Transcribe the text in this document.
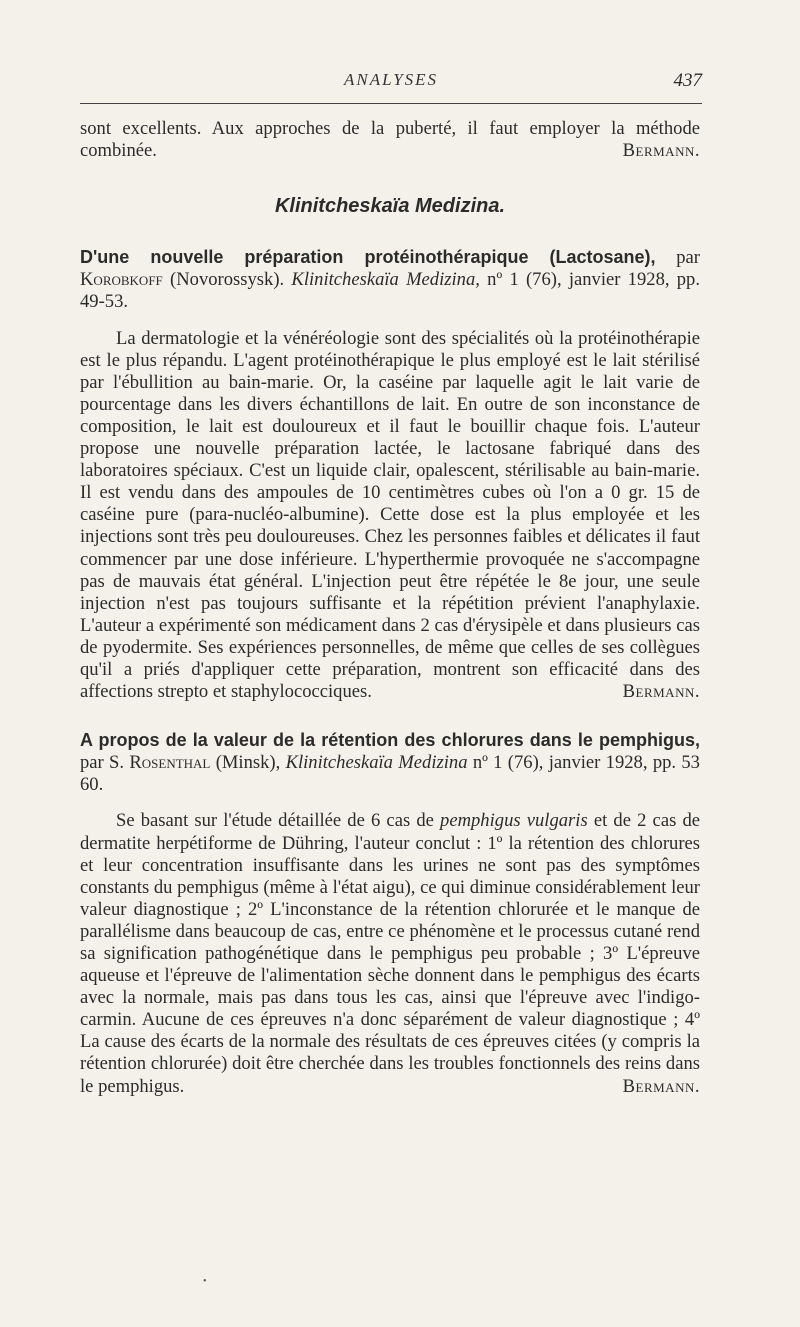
ANALYSES	437

sont excellents. Aux approches de la puberté, il faut employer la méthode combinée.	Bermann.

Klinitcheskaïa Medizina.

D'une nouvelle préparation protéinothérapique (Lactosane), par Korobkoff (Novorossysk). Klinitcheskaïa Medizina, nº 1 (76), janvier 1928, pp. 49-53.

La dermatologie et la vénéréologie sont des spécialités où la protéinothérapie est le plus répandu. L'agent protéinothérapique le plus employé est le lait stérilisé par l'ébullition au bain-marie. Or, la caséine par laquelle agit le lait varie de pourcentage dans les divers échantillons de lait. En outre de son inconstance de composition, le lait est douloureux et il faut le bouillir chaque fois. L'auteur propose une nouvelle préparation lactée, le lactosane fabriqué dans des laboratoires spéciaux. C'est un liquide clair, opalescent, stérilisable au bain-marie. Il est vendu dans des ampoules de 10 centimètres cubes où l'on a 0 gr. 15 de caséine pure (para-nucléo-albumine). Cette dose est la plus employée et les injections sont très peu douloureuses. Chez les personnes faibles et délicates il faut commencer par une dose inférieure. L'hyperthermie provoquée ne s'accompagne pas de mauvais état général. L'injection peut être répétée le 8e jour, une seule injection n'est pas toujours suffisante et la répétition prévient l'anaphylaxie. L'auteur a expérimenté son médicament dans 2 cas d'érysipèle et dans plusieurs cas de pyodermite. Ses expériences personnelles, de même que celles de ses collègues qu'il a priés d'appliquer cette préparation, montrent son efficacité dans des affections strepto et staphylococciques.	Bermann.

A propos de la valeur de la rétention des chlorures dans le pemphigus, par S. Rosenthal (Minsk), Klinitcheskaïa Medizina nº 1 (76), janvier 1928, pp. 53 60.

Se basant sur l'étude détaillée de 6 cas de pemphigus vulgaris et de 2 cas de dermatite herpétiforme de Dühring, l'auteur conclut : 1º la rétention des chlorures et leur concentration insuffisante dans les urines ne sont pas des symptômes constants du pemphigus (même à l'état aigu), ce qui diminue considérablement leur valeur diagnostique ; 2º L'inconstance de la rétention chlorurée et le manque de parallélisme dans beaucoup de cas, entre ce phénomène et le processus cutané rend sa signification pathogénétique dans le pemphigus peu probable ; 3º L'épreuve aqueuse et l'épreuve de l'alimentation sèche donnent dans le pemphigus des écarts avec la normale, mais pas dans tous les cas, ainsi que l'épreuve avec l'indigo-carmin. Aucune de ces épreuves n'a donc séparément de valeur diagnostique ; 4º La cause des écarts de la normale des résultats de ces épreuves citées (y compris la rétention chlorurée) doit être cherchée dans les troubles fonctionnels des reins dans le pemphigus.	Bermann.

•
